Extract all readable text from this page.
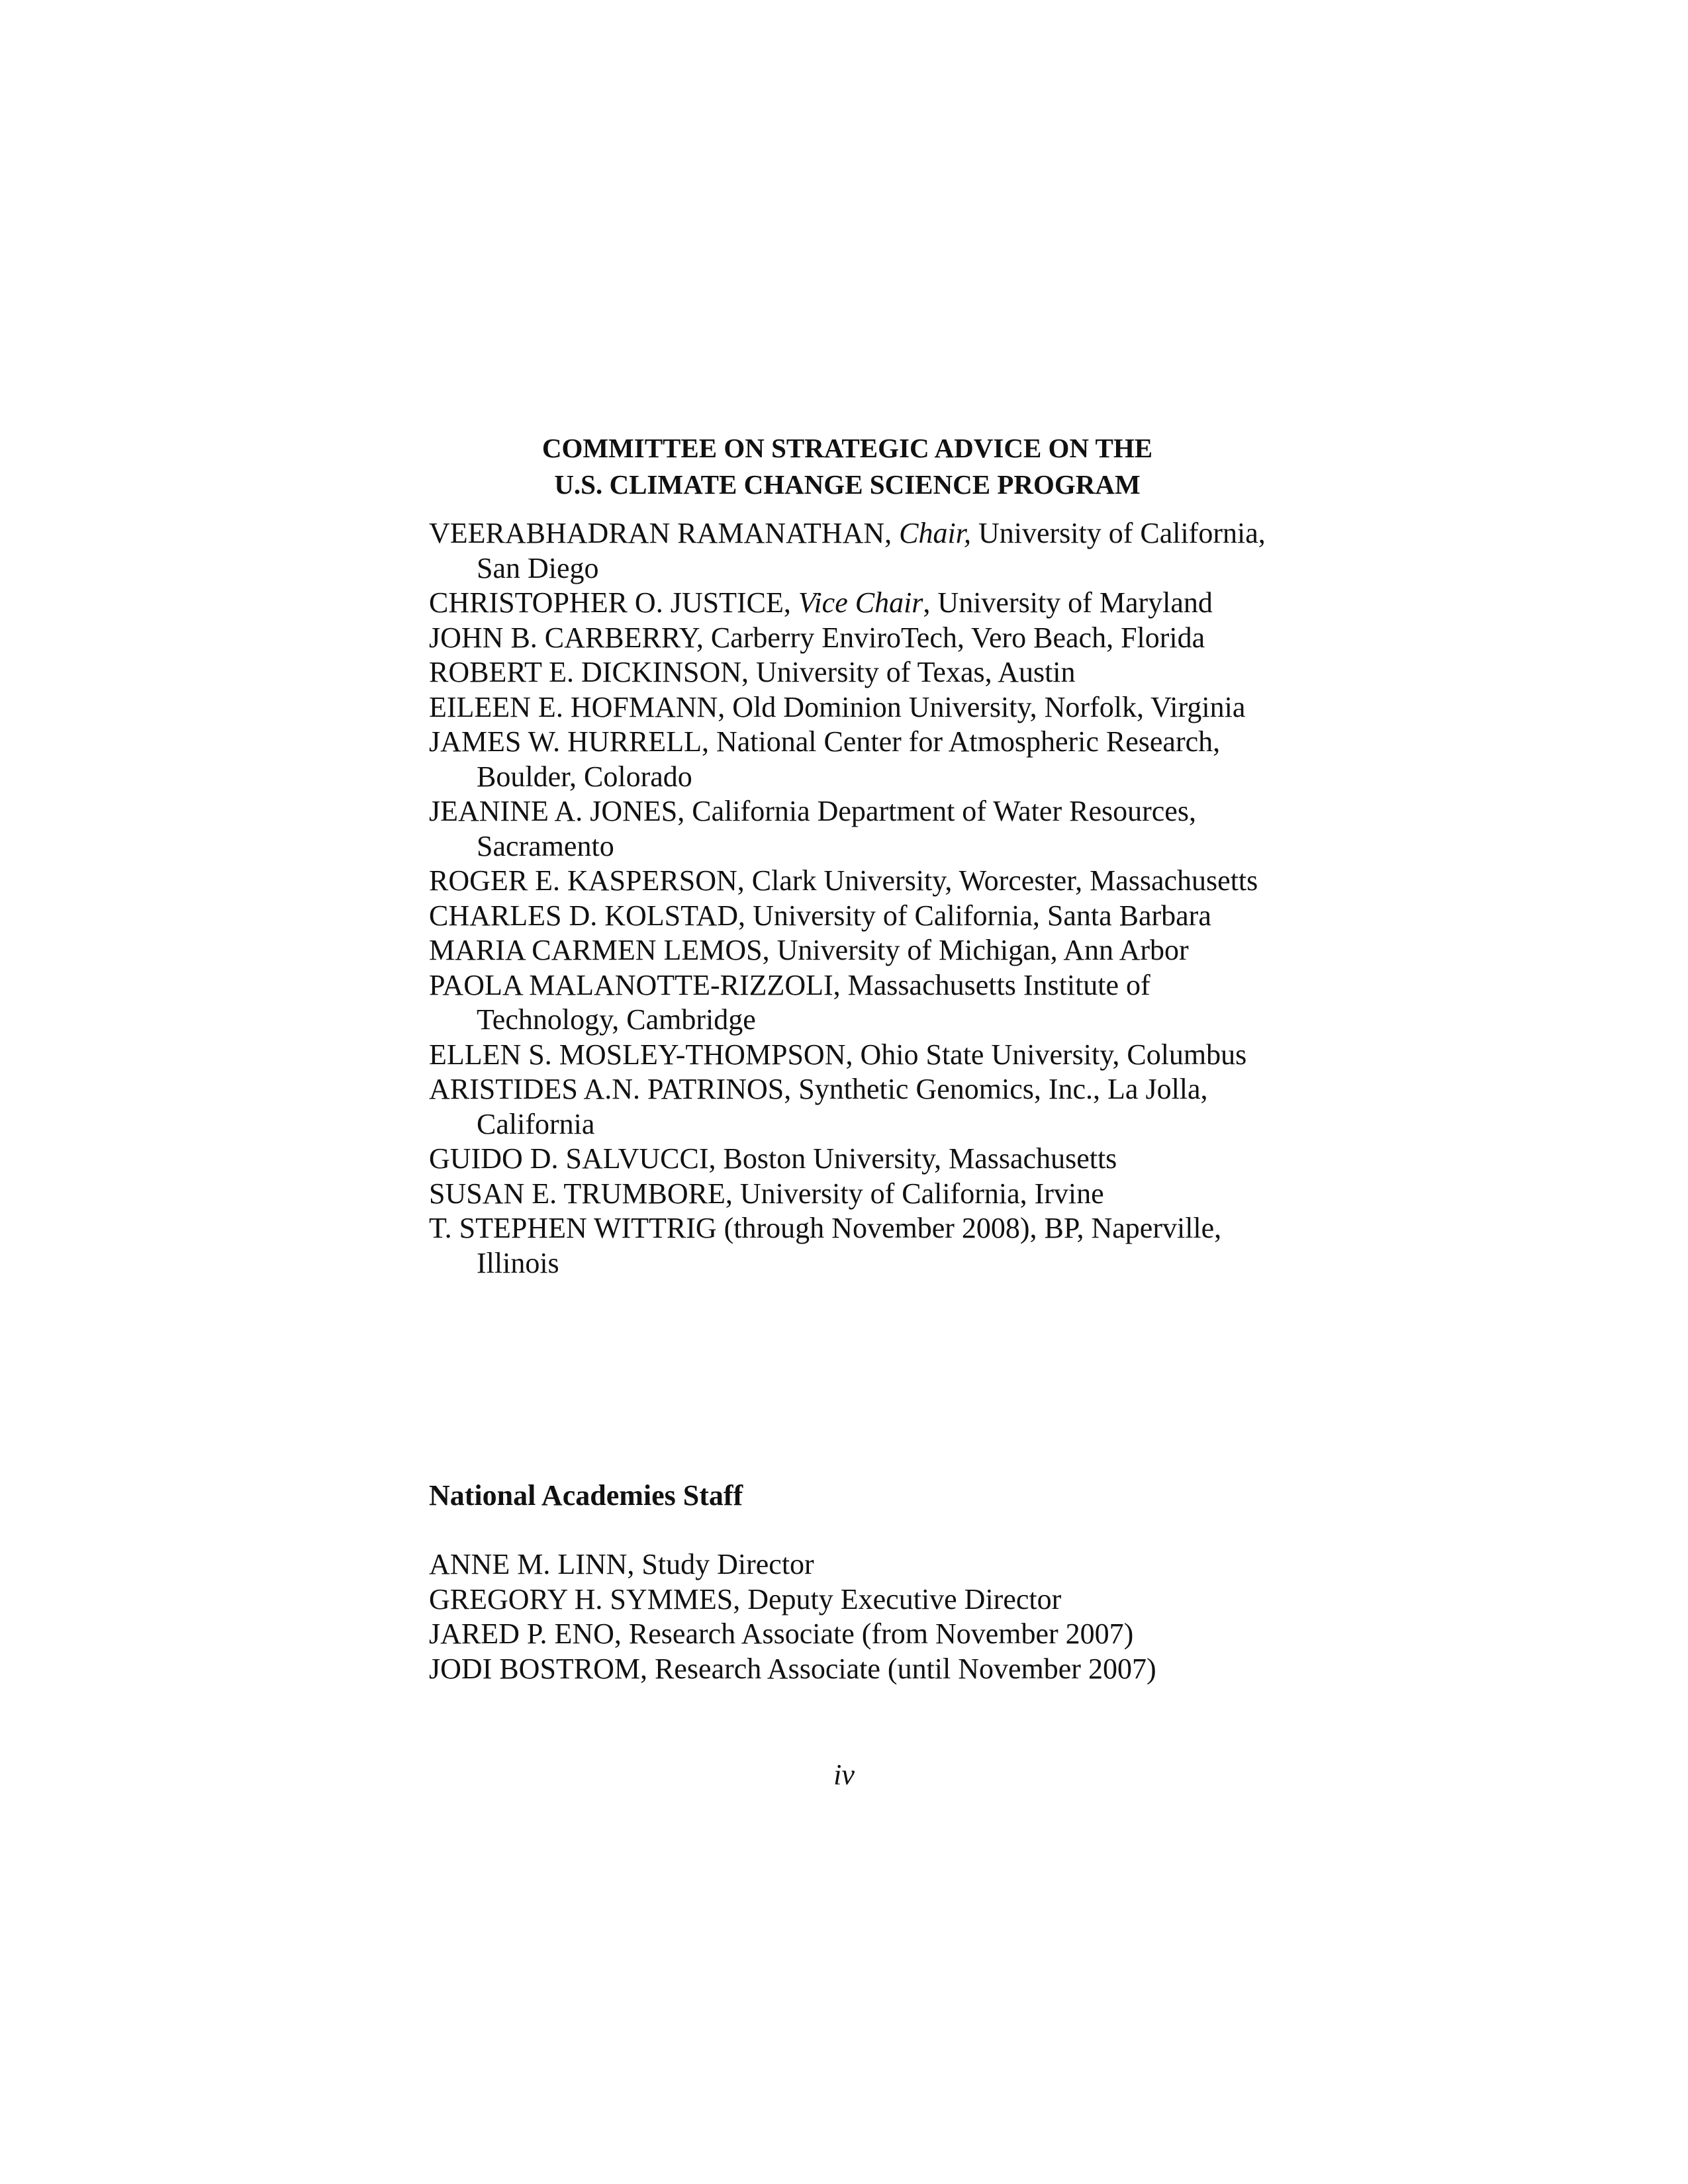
COMMITTEE ON STRATEGIC ADVICE ON THE
U.S. CLIMATE CHANGE SCIENCE PROGRAM
VEERABHADRAN RAMANATHAN, Chair, University of California, San Diego
CHRISTOPHER O. JUSTICE, Vice Chair, University of Maryland
JOHN B. CARBERRY, Carberry EnviroTech, Vero Beach, Florida
ROBERT E. DICKINSON, University of Texas, Austin
EILEEN E. HOFMANN, Old Dominion University, Norfolk, Virginia
JAMES W. HURRELL, National Center for Atmospheric Research, Boulder, Colorado
JEANINE A. JONES, California Department of Water Resources, Sacramento
ROGER E. KASPERSON, Clark University, Worcester, Massachusetts
CHARLES D. KOLSTAD, University of California, Santa Barbara
MARIA CARMEN LEMOS, University of Michigan, Ann Arbor
PAOLA MALANOTTE-RIZZOLI, Massachusetts Institute of Technology, Cambridge
ELLEN S. MOSLEY-THOMPSON, Ohio State University, Columbus
ARISTIDES A.N. PATRINOS, Synthetic Genomics, Inc., La Jolla, California
GUIDO D. SALVUCCI, Boston University, Massachusetts
SUSAN E. TRUMBORE, University of California, Irvine
T. STEPHEN WITTRIG (through November 2008), BP, Naperville, Illinois
National Academies Staff
ANNE M. LINN, Study Director
GREGORY H. SYMMES, Deputy Executive Director
JARED P. ENO, Research Associate (from November 2007)
JODI BOSTROM, Research Associate (until November 2007)
iv
